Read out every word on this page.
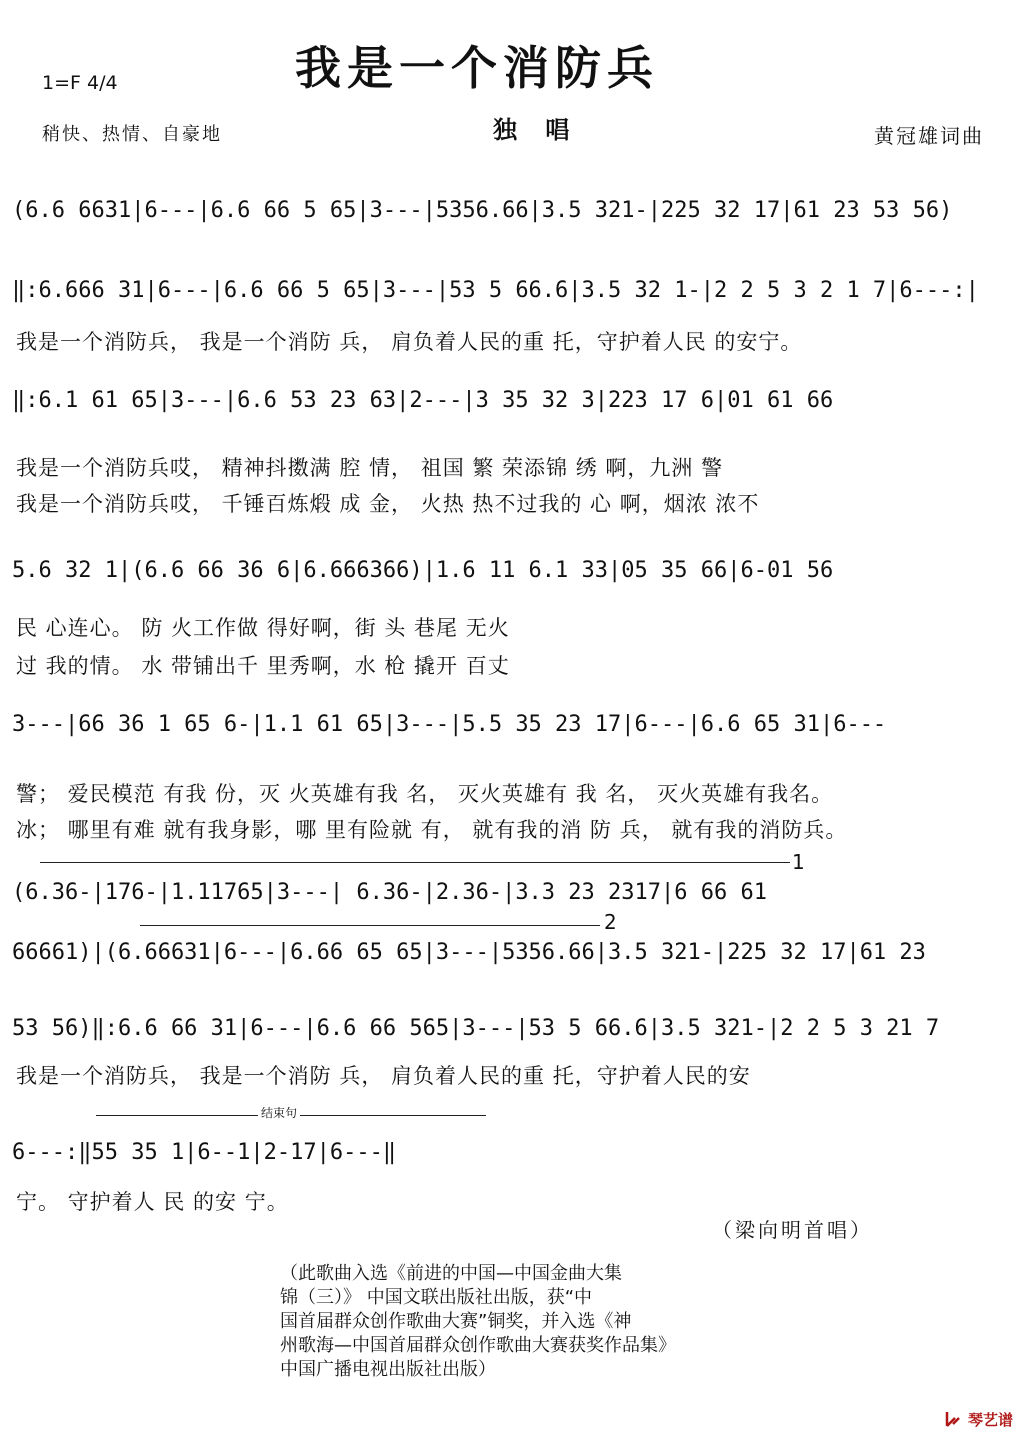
我是一个消防兵
独 唱
1=F 4/4
稍快、热情、自豪地	黄冠雄词曲
(6.6 6631|6---|6.6 66 5 65|3---|5356.66|3.5 321-|225 32 17|61 23 53 56)
‖:6.666 31|6---|6.6 66 5 65|3---|53 5 66.6|3.5 32 1-|2 2 5 3 2 1 7|6---:|
我是一个消防兵， 我是一个消防 兵， 肩负着人民的重 托，守护着人民 的安宁。
‖:6.1 61 65|3---|6.6 53 23 63|2---|3 35 32 3|223 17 6|01 61 66
我是一个消防兵哎， 精神抖擞满 腔 情， 祖国 繁 荣添锦 绣 啊，九洲 警
我是一个消防兵哎， 千锤百炼煅 成 金， 火热 热不过我的 心 啊，烟浓 浓不
5.6 32 1|(6.6 66 36 6|6.666366)|1.6 11 6.1 33|05 35 66|6-01 56
民 心连心。 防 火工作做 得好啊，街 头 巷尾 无火
过 我的情。 水 带铺出千 里秀啊，水 枪 撬开 百丈
3---|66 36 1 65 6-|1.1 61 65|3---|5.5 35 23 17|6---|6.6 65 31|6---
警； 爱民模范 有我 份，灭 火英雄有我 名， 灭火英雄有 我 名， 灭火英雄有我名。
冰； 哪里有难 就有我身影，哪 里有险就 有， 就有我的消 防 兵， 就有我的消防兵。
1
2
(6.36-|176-|1.11765|3---| 6.36-|2.36-|3.3 23 2317|6 66 61
66661)|(6.66631|6---|6.66 65 65|3---|5356.66|3.5 321-|225 32 17|61 23
53 56)‖:6.6 66 31|6---|6.6 66 565|3---|53 5 66.6|3.5 321-|2 2 5 3 21 7
我是一个消防兵， 我是一个消防 兵， 肩负着人民的重 托，守护着人民的安
结束句
6---:‖55 35 1|6--1|2-17|6---‖
宁。 守护着人 民 的安 宁。
（梁向明首唱）
（此歌曲入选《前进的中国—中国金曲大集
锦（三）》 中国文联出版社出版，获“中
国首届群众创作歌曲大赛”铜奖，并入选《神
州歌海—中国首届群众创作歌曲大赛获奖作品集》
中国广播电视出版社出版）
琴艺谱
